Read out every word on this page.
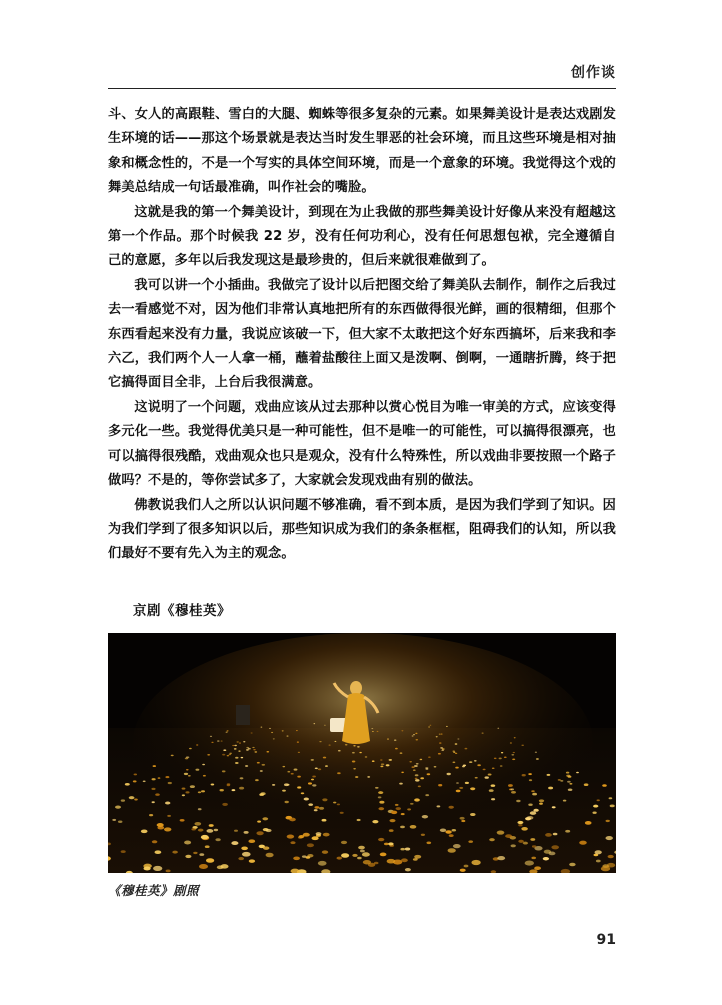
创作谈

斗、女人的高跟鞋、雪白的大腿、蜘蛛等很多复杂的元素。如果舞美设计是表达戏剧发生环境的话——那这个场景就是表达当时发生罪恶的社会环境，而且这些环境是相对抽象和概念性的，不是一个写实的具体空间环境，而是一个意象的环境。我觉得这个戏的舞美总结成一句话最准确，叫作社会的嘴脸。

这就是我的第一个舞美设计，到现在为止我做的那些舞美设计好像从来没有超越这第一个作品。那个时候我 22 岁，没有任何功利心，没有任何思想包袱，完全遵循自己的意愿，多年以后我发现这是最珍贵的，但后来就很难做到了。

我可以讲一个小插曲。我做完了设计以后把图交给了舞美队去制作，制作之后我过去一看感觉不对，因为他们非常认真地把所有的东西做得很光鲜，画的很精细，但那个东西看起来没有力量，我说应该破一下，但大家不太敢把这个好东西搞坏，后来我和李六乙，我们两个人一人拿一桶，蘸着盐酸往上面又是泼啊、倒啊，一通瞎折腾，终于把它搞得面目全非，上台后我很满意。

这说明了一个问题，戏曲应该从过去那种以赏心悦目为唯一审美的方式，应该变得多元化一些。我觉得优美只是一种可能性，但不是唯一的可能性，可以搞得很漂亮，也可以搞得很残酷，戏曲观众也只是观众，没有什么特殊性，所以戏曲非要按照一个路子做吗？不是的，等你尝试多了，大家就会发现戏曲有别的做法。

佛教说我们人之所以认识问题不够准确，看不到本质，是因为我们学到了知识。因为我们学到了很多知识以后，那些知识成为我们的条条框框，阻碍我们的认知，所以我们最好不要有先入为主的观念。

京剧《穆桂英》
《穆桂英》剧照
91
